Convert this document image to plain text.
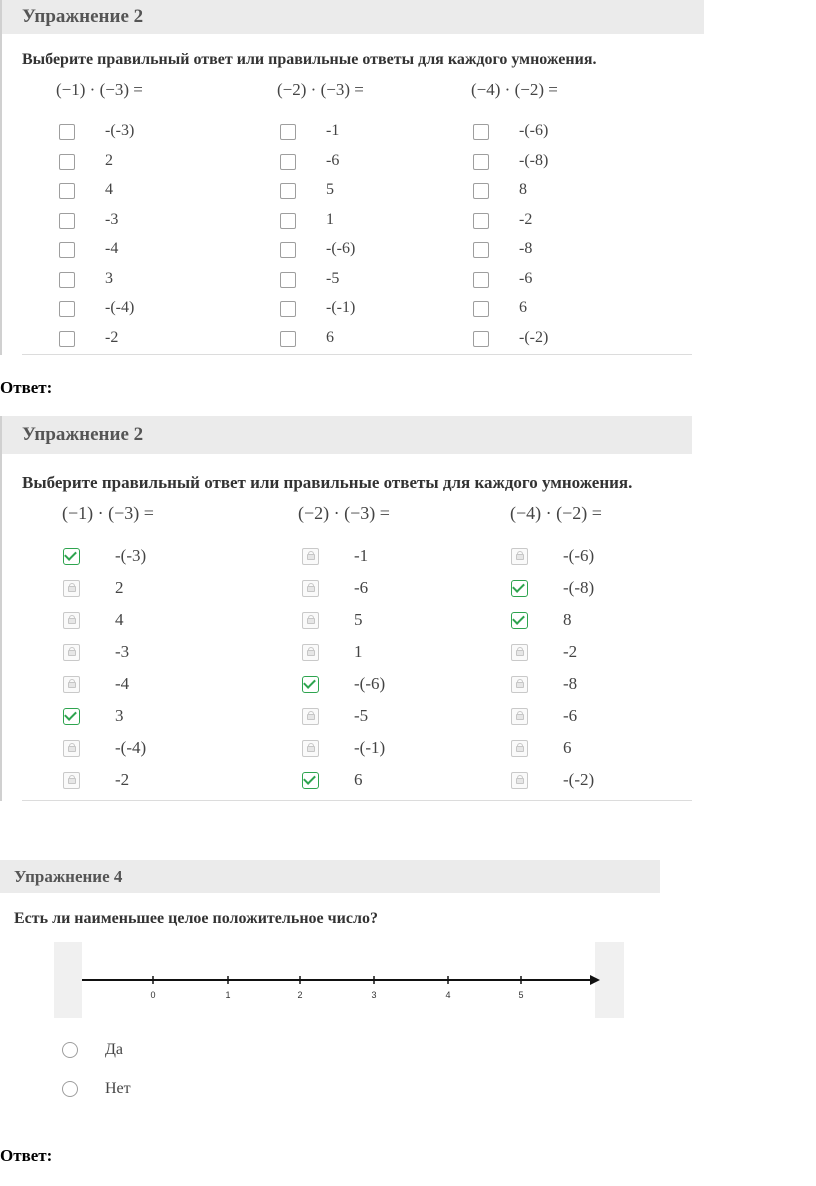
Упражнение 2
Выберите правильный ответ или правильные ответы для каждого умножения.
(−1) · (−3) =
-(-3)
2
4
-3
-4
3
-(-4)
-2
(−2) · (−3) =
-1
-6
5
1
-(-6)
-5
-(-1)
6
(−4) · (−2) =
-(-6)
-(-8)
8
-2
-8
-6
6
-(-2)
Ответ:
Упражнение 2
Выберите правильный ответ или правильные ответы для каждого умножения.
(−1) · (−3) =
-(-3)
2
4
-3
-4
3
-(-4)
-2
(−2) · (−3) =
-1
-6
5
1
-(-6)
-5
-(-1)
6
(−4) · (−2) =
-(-6)
-(-8)
8
-2
-8
-6
6
-(-2)
Упражнение 4
Есть ли наименьшее целое положительное число?
0	1	2	3	4	5
Да
Нет
Ответ:
